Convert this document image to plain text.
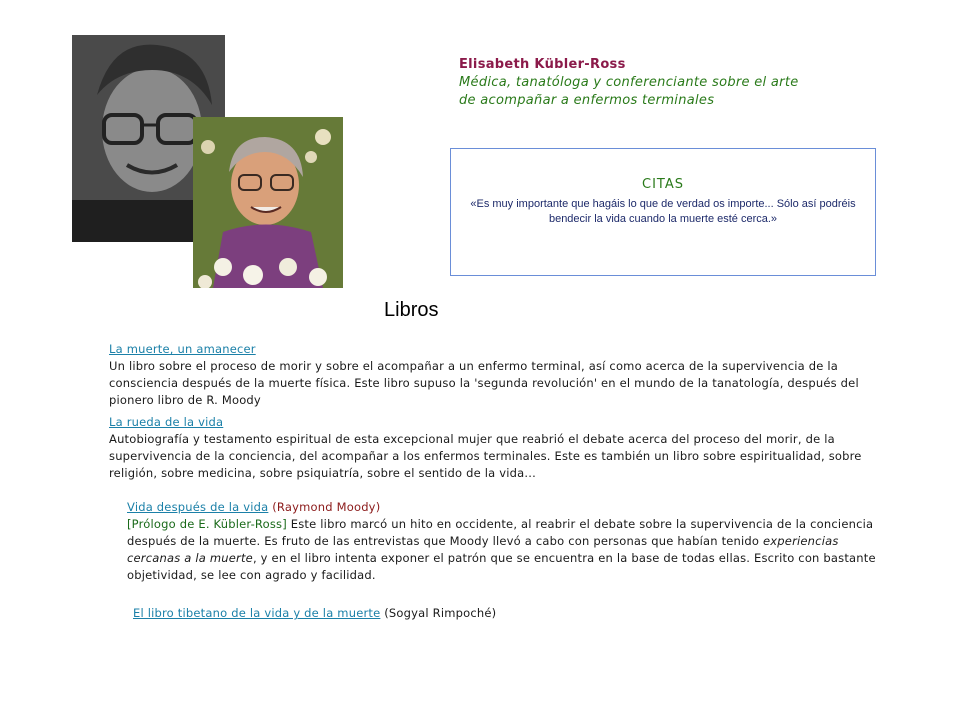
Elisabeth Kübler-Ross
Médica, tanatóloga y conferenciante sobre el arte de acompañar a enfermos terminales
CITAS
«Es muy importante que hagáis lo que de verdad os importe... Sólo así podréis bendecir la vida cuando la muerte esté cerca.»
Libros
La muerte, un amanecer
Un libro sobre el proceso de morir y sobre el acompañar a un enfermo terminal, así como acerca de la supervivencia de la consciencia después de la muerte física. Este libro supuso la 'segunda revolución' en el mundo de la tanatología, después del pionero libro de R. Moody
La rueda de la vida
Autobiografía y testamento espiritual de esta excepcional mujer que reabrió el debate acerca del proceso del morir, de la supervivencia de la conciencia, del acompañar a los enfermos terminales. Este es también un libro sobre espiritualidad, sobre religión, sobre medicina, sobre psiquiatría, sobre el sentido de la vida...
Vida después de la vida (Raymond Moody)
[Prólogo de E. Kübler-Ross] Este libro marcó un hito en occidente, al reabrir el debate sobre la supervivencia de la conciencia después de la muerte. Es fruto de las entrevistas que Moody llevó a cabo con personas que habían tenido experiencias cercanas a la muerte, y en el libro intenta exponer el patrón que se encuentra en la base de todas ellas. Escrito con bastante objetividad, se lee con agrado y facilidad.
El libro tibetano de la vida y de la muerte (Sogyal Rimpoché)
